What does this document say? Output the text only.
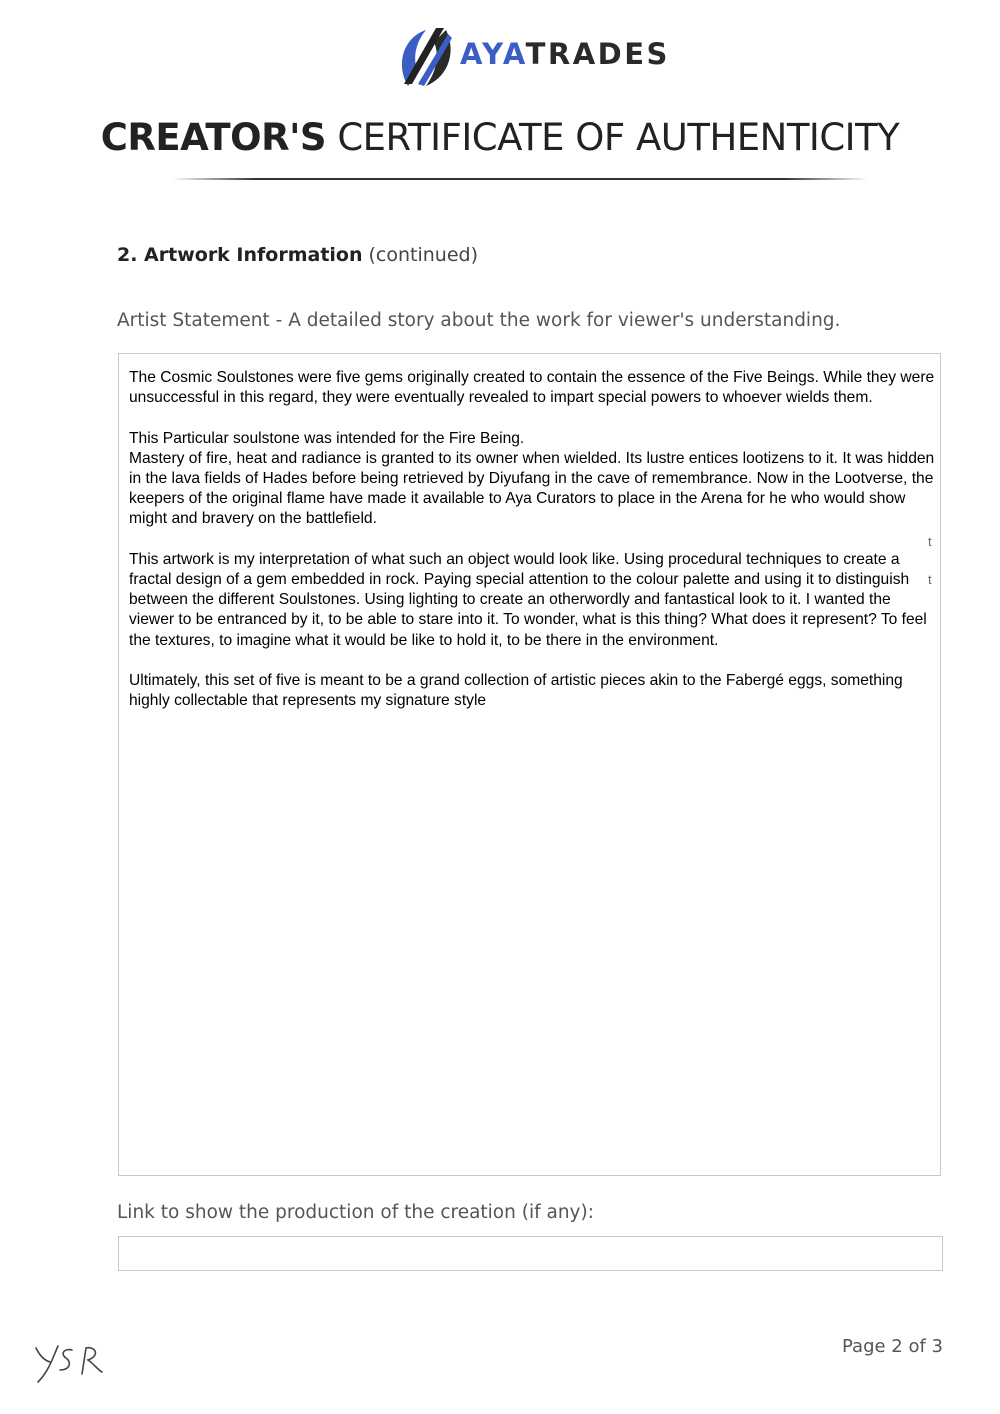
AYATRADES
CREATOR'S CERTIFICATE OF AUTHENTICITY
2. Artwork Information (continued)
Artist Statement - A detailed story about the work for viewer's understanding.

The Cosmic Soulstones were five gems originally created to contain the essence of the Five Beings. While they were unsuccessful in this regard, they were eventually revealed to impart special powers to whoever wields them.

This Particular soulstone was intended for the Fire Being.
Mastery of fire, heat and radiance is granted to its owner when wielded. Its lustre entices lootizens to it. It was hidden in the lava fields of Hades before being retrieved by Diyufang in the cave of remembrance. Now in the Lootverse, the keepers of the original flame have made it available to Aya Curators to place in the Arena for he who would show might and bravery on the battlefield.

This artwork is my interpretation of what such an object would look like. Using procedural techniques to create a fractal design of a gem embedded in rock. Paying special attention to the colour palette and using it to distinguish between the different Soulstones. Using lighting to create an otherwordly and fantastical look to it. I wanted the viewer to be entranced by it, to be able to stare into it. To wonder, what is this thing? What does it represent? To feel the textures, to imagine what it would be like to hold it, to be there in the environment.

Ultimately, this set of five is meant to be a grand collection of artistic pieces akin to the Fabergé eggs, something highly collectable that represents my signature style

t
t
Link to show the production of the creation (if any):
Page 2 of 3
